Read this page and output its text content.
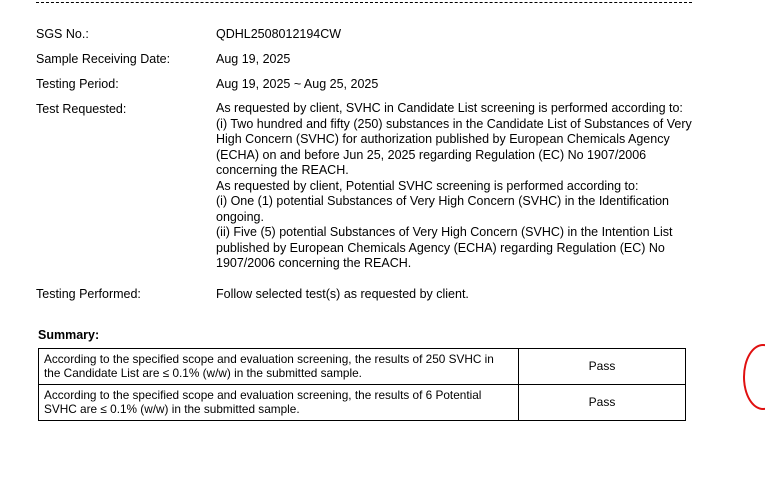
SGS No.:	QDHL2508012194CW
Sample Receiving Date:	Aug 19, 2025
Testing Period:	Aug 19, 2025 ~ Aug 25, 2025
Test Requested:	As requested by client, SVHC in Candidate List screening is performed according to:

(i) Two hundred and fifty (250) substances in the Candidate List of Substances of Very High Concern (SVHC) for authorization published by European Chemicals Agency (ECHA) on and before Jun 25, 2025 regarding Regulation (EC) No 1907/2006 concerning the REACH.

As requested by client, Potential SVHC screening is performed according to:

(i) One (1) potential Substances of Very High Concern (SVHC) in the Identification ongoing.

(ii) Five (5) potential Substances of Very High Concern (SVHC) in the Intention List published by European Chemicals Agency (ECHA) regarding Regulation (EC) No 1907/2006 concerning the REACH.

Testing Performed:	Follow selected test(s) as requested by client.
Summary:
According to the specified scope and evaluation screening, the results of 250 SVHC in the Candidate List are ≤ 0.1% (w/w) in the submitted sample.	Pass
According to the specified scope and evaluation screening, the results of 6 Potential SVHC are ≤ 0.1% (w/w) in the submitted sample.	Pass
